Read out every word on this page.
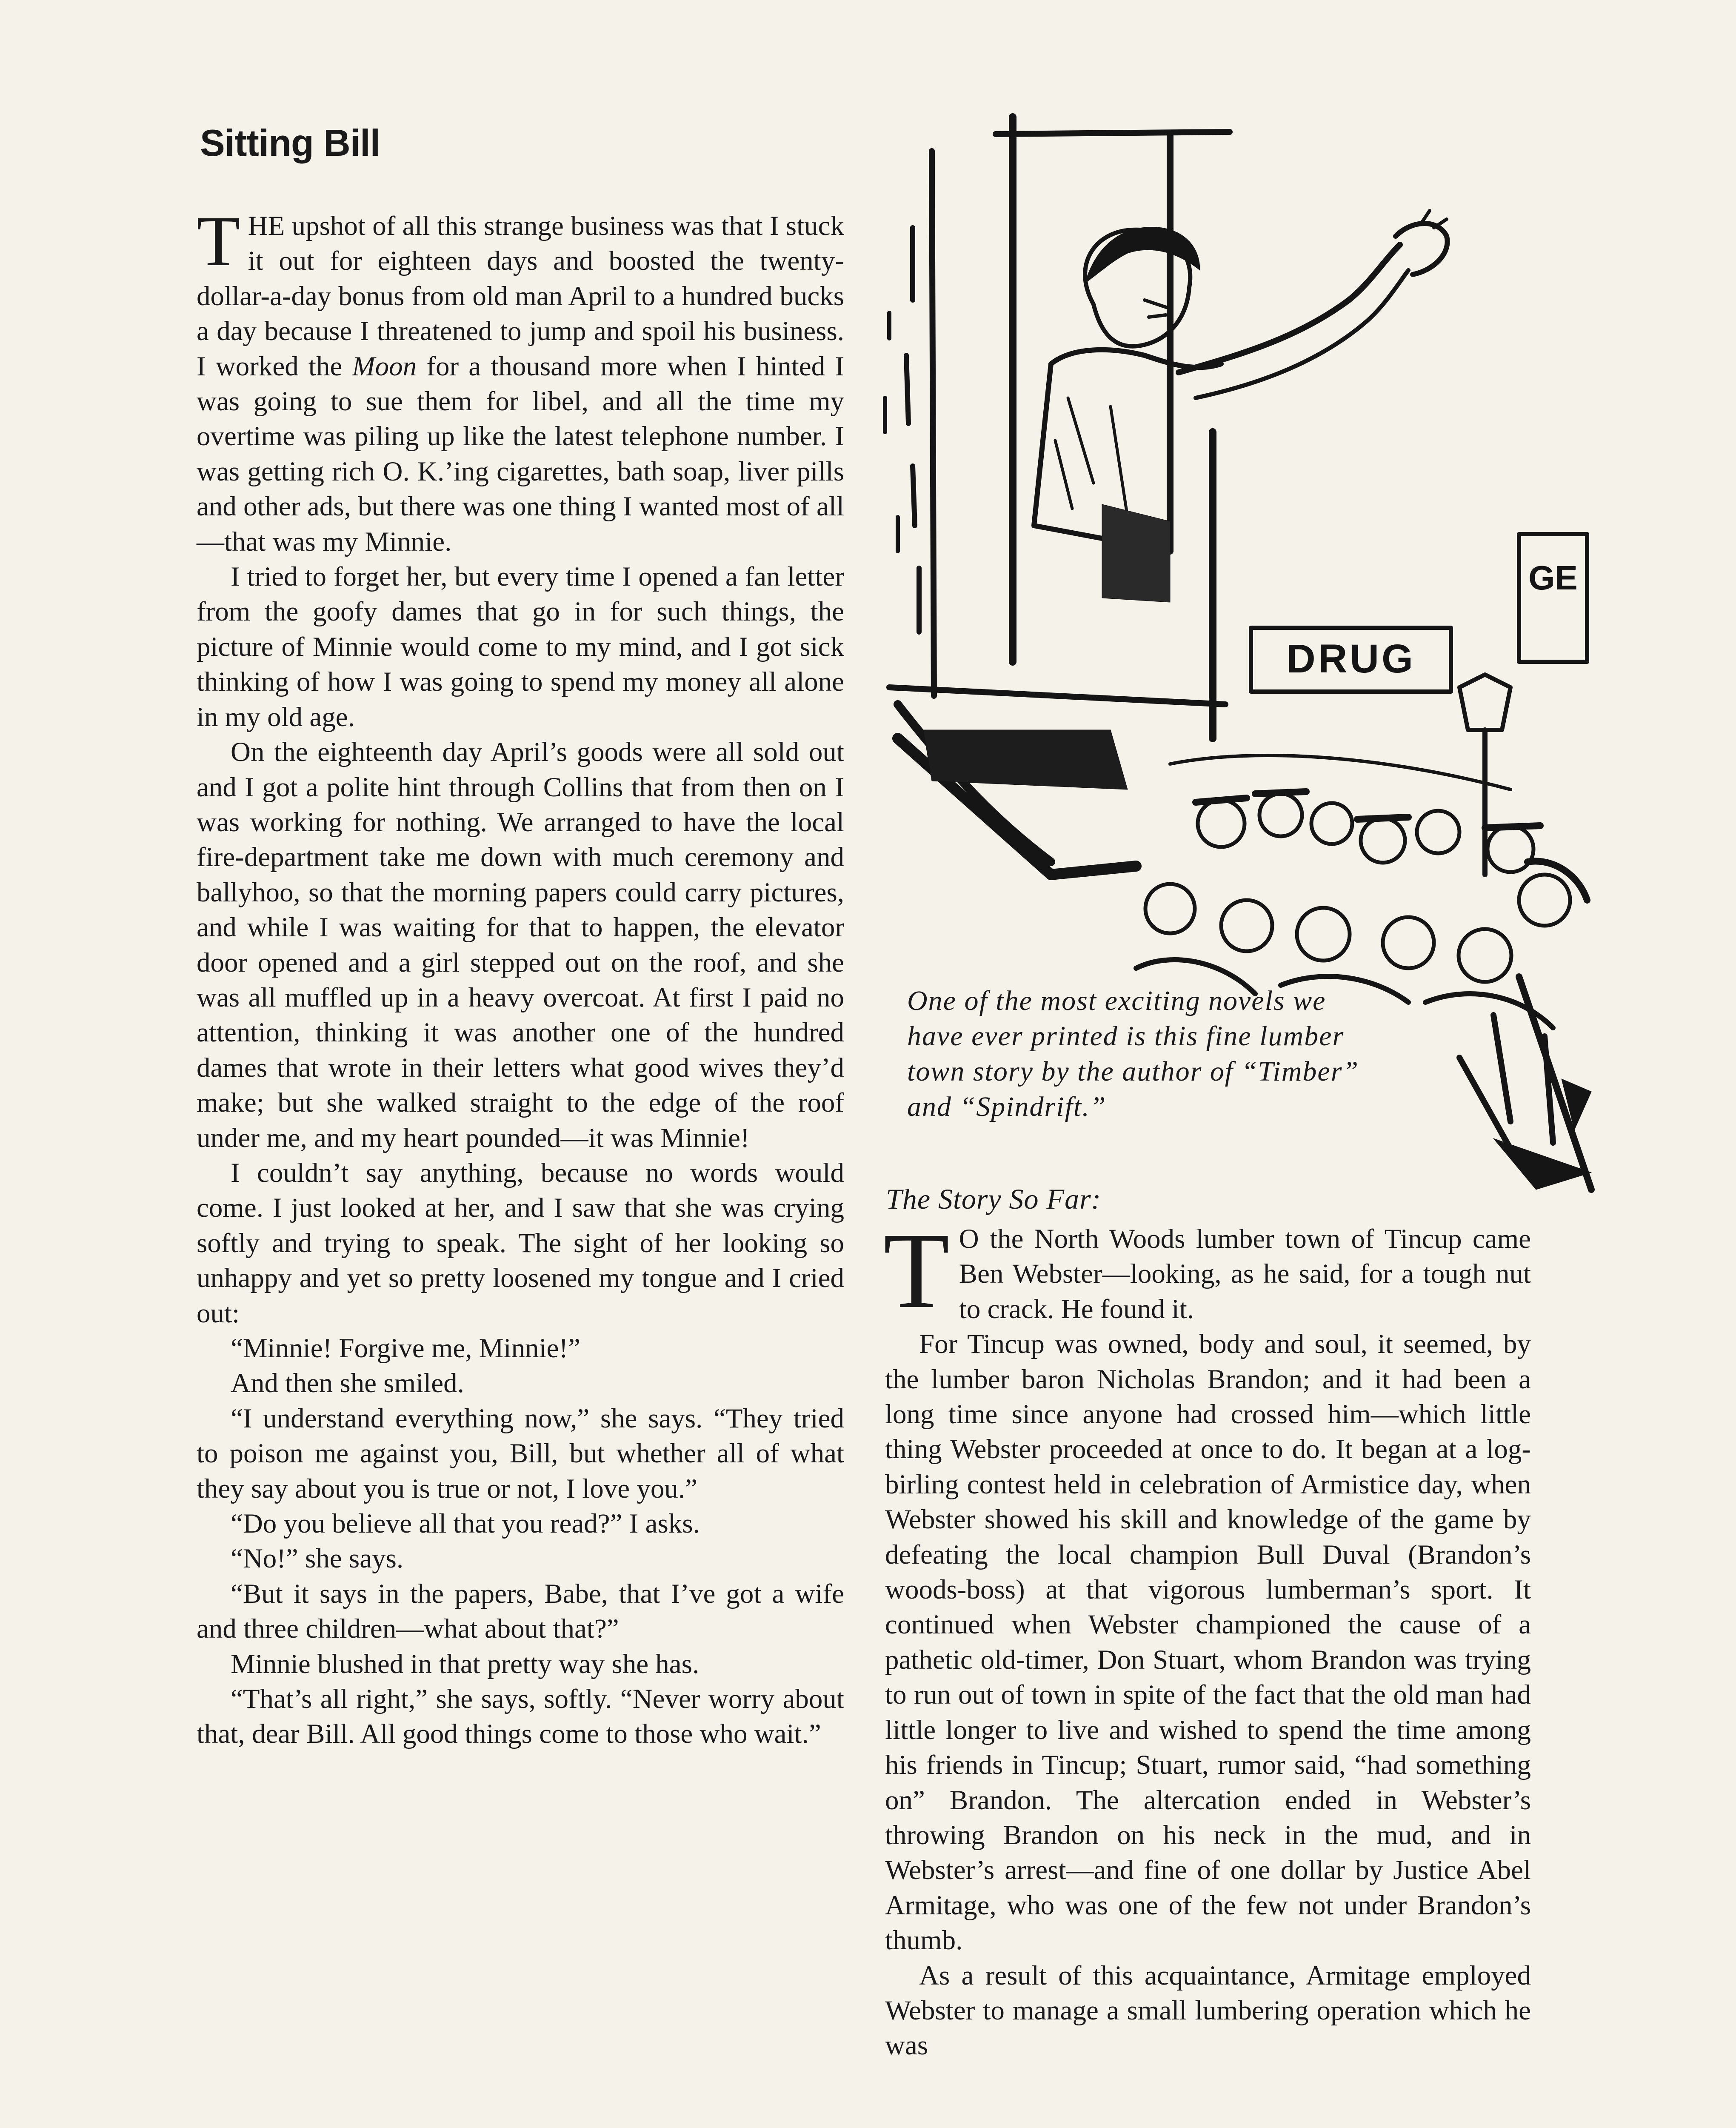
Sitting Bill

THE upshot of all this strange business was that I stuck it out for eighteen days and boosted the twenty-dollar-a-day bonus from old man April to a hundred bucks a day because I threatened to jump and spoil his business. I worked the Moon for a thousand more when I hinted I was going to sue them for libel, and all the time my overtime was piling up like the latest telephone number. I was getting rich O. K.’ing cigarettes, bath soap, liver pills and other ads, but there was one thing I wanted most of all—that was my Minnie.

I tried to forget her, but every time I opened a fan letter from the goofy dames that go in for such things, the picture of Minnie would come to my mind, and I got sick thinking of how I was going to spend my money all alone in my old age.

On the eighteenth day April’s goods were all sold out and I got a polite hint through Collins that from then on I was working for nothing. We arranged to have the local fire-department take me down with much ceremony and ballyhoo, so that the morning papers could carry pictures, and while I was waiting for that to happen, the elevator door opened and a girl stepped out on the roof, and she was all muffled up in a heavy overcoat. At first I paid no attention, thinking it was another one of the hundred dames that wrote in their letters what good wives they’d make; but she walked straight to the edge of the roof under me, and my heart pounded—it was Minnie!

I couldn’t say anything, because no words would come. I just looked at her, and I saw that she was crying softly and trying to speak. The sight of her looking so unhappy and yet so pretty loosened my tongue and I cried out:

“Minnie! Forgive me, Minnie!”

And then she smiled.

“I understand everything now,” she says. “They tried to poison me against you, Bill, but whether all of what they say about you is true or not, I love you.”

“Do you believe all that you read?” I asks.

“No!” she says.

“But it says in the papers, Babe, that I’ve got a wife and three children—what about that?”

Minnie blushed in that pretty way she has.

“That’s all right,” she says, softly. “Never worry about that, dear Bill. All good things come to those who wait.”

DRUG
GE
One of the most exciting novels we have ever printed is this fine lumber town story by the author of “Timber” and “Spindrift.”
The Story So Far:

T O the North Woods lumber town of Tincup came Ben Webster—looking, as he said, for a tough nut to crack. He found it.

For Tincup was owned, body and soul, it seemed, by the lumber baron Nicholas Brandon; and it had been a long time since anyone had crossed him—which little thing Webster proceeded at once to do. It began at a log-birling contest held in celebration of Armistice day, when Webster showed his skill and knowledge of the game by defeating the local champion Bull Duval (Brandon’s woods-boss) at that vigorous lumberman’s sport. It continued when Webster championed the cause of a pathetic old-timer, Don Stuart, whom Brandon was trying to run out of town in spite of the fact that the old man had little longer to live and wished to spend the time among his friends in Tincup; Stuart, rumor said, “had something on” Brandon. The altercation ended in Webster’s throwing Brandon on his neck in the mud, and in Webster’s arrest—and fine of one dollar by Justice Abel Armitage, who was one of the few not under Brandon’s thumb.

As a result of this acquaintance, Armitage employed Webster to manage a small lumbering operation which he was
